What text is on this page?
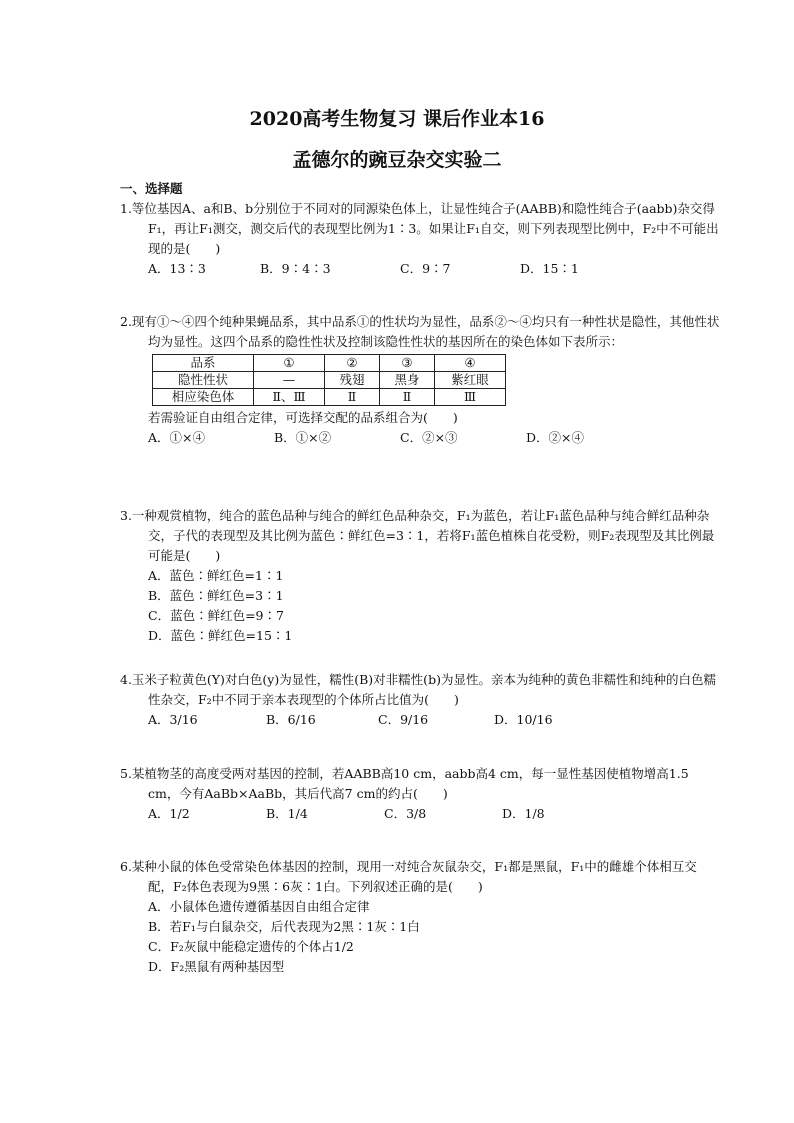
2020高考生物复习 课后作业本16
孟德尔的豌豆杂交实验二
一、选择题
1.等位基因A、a和B、b分别位于不同对的同源染色体上，让显性纯合子(AABB)和隐性纯合子(aabb)杂交得F₁，再让F₁测交，测交后代的表现型比例为1∶3。如果让F₁自交，则下列表现型比例中，F₂中不可能出现的是(　　)
A．13∶3	B．9∶4∶3	C．9∶7	D．15∶1
2.现有①～④四个纯种果蝇品系，其中品系①的性状均为显性，品系②～④均只有一种性状是隐性，其他性状均为显性。这四个品系的隐性性状及控制该隐性性状的基因所在的染色体如下表所示：
品系	①	②	③	④
隐性性状	—	残翅	黑身	紫红眼
相应染色体	Ⅱ、Ⅲ	Ⅱ	Ⅱ	Ⅲ
若需验证自由组合定律，可选择交配的品系组合为(　　)
A．①×④	B．①×②	C．②×③	D．②×④
3.一种观赏植物，纯合的蓝色品种与纯合的鲜红色品种杂交，F₁为蓝色，若让F₁蓝色品种与纯合鲜红品种杂交，子代的表现型及其比例为蓝色∶鲜红色=3∶1，若将F₁蓝色植株自花受粉，则F₂表现型及其比例最可能是(　　)
A．蓝色∶鲜红色=1∶1
B．蓝色∶鲜红色=3∶1
C．蓝色∶鲜红色=9∶7
D．蓝色∶鲜红色=15∶1
4.玉米子粒黄色(Y)对白色(y)为显性，糯性(B)对非糯性(b)为显性。亲本为纯种的黄色非糯性和纯种的白色糯性杂交，F₂中不同于亲本表现型的个体所占比值为(　　)
A．3/16	B．6/16	C．9/16	D．10/16
5.某植物茎的高度受两对基因的控制，若AABB高10 cm，aabb高4 cm，每一显性基因使植物增高1.5 cm，今有AaBb×AaBb，其后代高7 cm的约占(　　)
A．1/2	B．1/4	C．3/8	D．1/8
6.某种小鼠的体色受常染色体基因的控制，现用一对纯合灰鼠杂交，F₁都是黑鼠，F₁中的雌雄个体相互交配，F₂体色表现为9黑∶6灰∶1白。下列叙述正确的是(　　)
A．小鼠体色遗传遵循基因自由组合定律
B．若F₁与白鼠杂交，后代表现为2黑∶1灰∶1白
C．F₂灰鼠中能稳定遗传的个体占1/2
D．F₂黑鼠有两种基因型
